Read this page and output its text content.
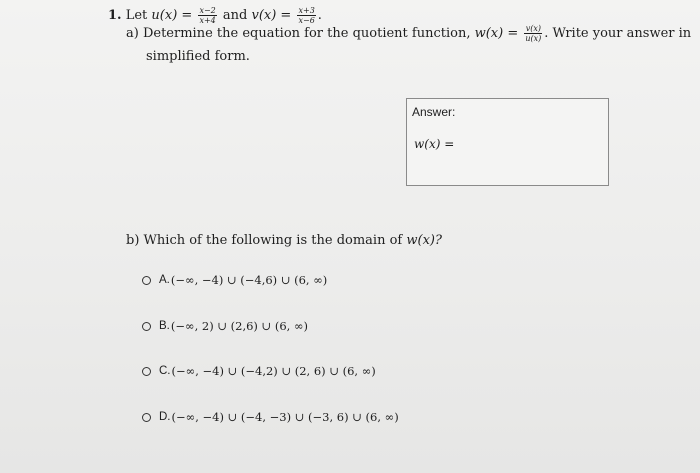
1. Let $u(x) = \frac{x-2}{x+4}$ and $v(x) = \frac{x+3}{x-6}$ .
a) Determine the equation for the quotient function, $w(x) = \frac{v(x)}{u(x)}$ . Write your answer in
simplified form.
Answer:
w(x) =
b) Which of the following is the domain of w(x)?
A. (−∞, −4) ∪ (−4,6) ∪ (6, ∞)
B. (−∞, 2) ∪ (2,6) ∪ (6, ∞)
C. (−∞, −4) ∪ (−4,2) ∪ (2, 6) ∪ (6, ∞)
D. (−∞, −4) ∪ (−4, −3) ∪ (−3, 6) ∪ (6, ∞)
